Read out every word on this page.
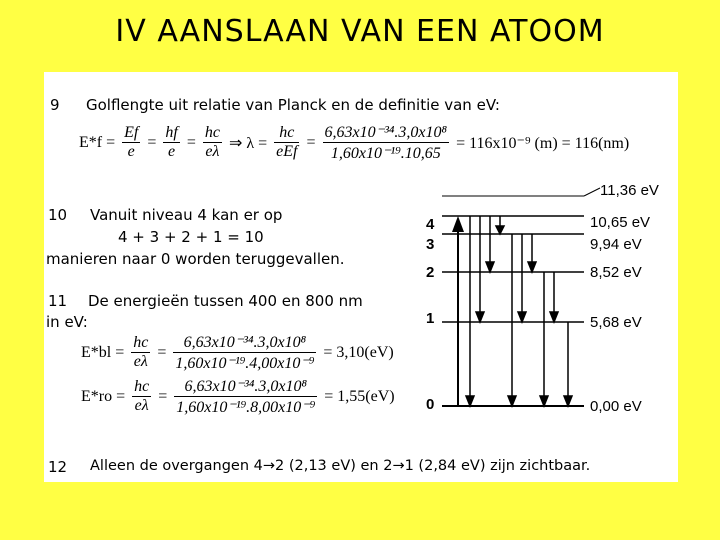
IV AANSLAAN VAN EEN ATOOM
9 Golflengte uit relatie van Planck en de definitie van eV:
$E*f = \frac{Ef}{e} = \frac{hf}{e} = \frac{hc}{e\lambda}$ ⇒ $\lambda = \frac{hc}{\text{eEf}} = \frac{\text{6,63x10⁻³⁴.3,0x10⁸}}{\text{1,60x10⁻¹⁹.10,65}} = 116x10^{-9}$ (m) = 116(nm)
10 Vanuit niveau 4 kan er op
4 + 3 + 2 + 1 = 10
manieren naar 0 worden teruggevallen.
11 De energieën tussen 400 en 800 nm
in eV:
$E*bl = \frac{hc}{e\lambda} = \frac{\text{6,63x10⁻³⁴.3,0x10⁸}}{\text{1,60x10⁻¹⁹.4,00x10⁻⁹}} = 3,10(eV)$
$E*ro = \frac{hc}{e\lambda} = \frac{\text{6,63x10⁻³⁴.3,0x10⁸}}{\text{1,60x10⁻¹⁹.8,00x10⁻⁹}} = 1,55(eV)$
12 Alleen de overgangen 4→2 (2,13 eV) en 2→1 (2,84 eV) zijn zichtbaar.
4
3
2
1
0
11,36 eV
10,65 eV
9,94 eV
8,52 eV
5,68 eV
0,00 eV
